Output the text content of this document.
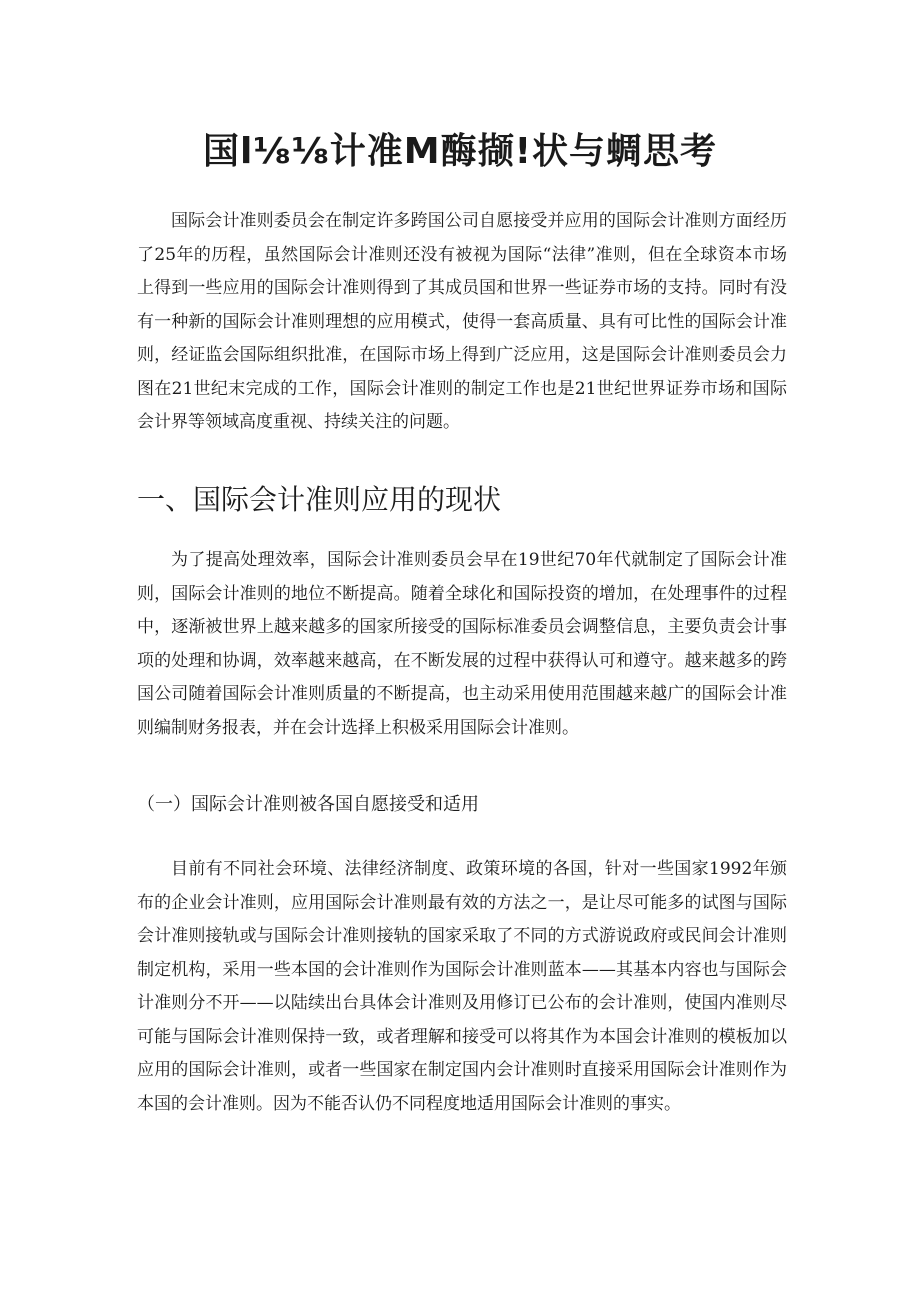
国l⅛⅛计准M酶撷!状与蜩思考

国际会计准则委员会在制定许多跨国公司自愿接受并应用的国际会计准则方面经历了25年的历程，虽然国际会计准则还没有被视为国际“法律”准则，但在全球资本市场上得到一些应用的国际会计准则得到了其成员国和世界一些证券市场的支持。同时有没有一种新的国际会计准则理想的应用模式，使得一套高质量、具有可比性的国际会计准则，经证监会国际组织批准，在国际市场上得到广泛应用，这是国际会计准则委员会力图在21世纪末完成的工作，国际会计准则的制定工作也是21世纪世界证券市场和国际会计界等领域高度重视、持续关注的问题。

一、国际会计准则应用的现状

为了提高处理效率，国际会计准则委员会早在19世纪70年代就制定了国际会计准则，国际会计准则的地位不断提高。随着全球化和国际投资的增加，在处理事件的过程中，逐渐被世界上越来越多的国家所接受的国际标准委员会调整信息，主要负责会计事项的处理和协调，效率越来越高，在不断发展的过程中获得认可和遵守。越来越多的跨国公司随着国际会计准则质量的不断提高，也主动采用使用范围越来越广的国际会计准则编制财务报表，并在会计选择上积极采用国际会计准则。

（一）国际会计准则被各国自愿接受和适用

目前有不同社会环境、法律经济制度、政策环境的各国，针对一些国家1992年颁布的企业会计准则，应用国际会计准则最有效的方法之一，是让尽可能多的试图与国际会计准则接轨或与国际会计准则接轨的国家采取了不同的方式游说政府或民间会计准则制定机构，采用一些本国的会计准则作为国际会计准则蓝本——其基本内容也与国际会计准则分不开——以陆续出台具体会计准则及用修订已公布的会计准则，使国内准则尽可能与国际会计准则保持一致，或者理解和接受可以将其作为本国会计准则的模板加以应用的国际会计准则，或者一些国家在制定国内会计准则时直接采用国际会计准则作为本国的会计准则。因为不能否认仍不同程度地适用国际会计准则的事实。
